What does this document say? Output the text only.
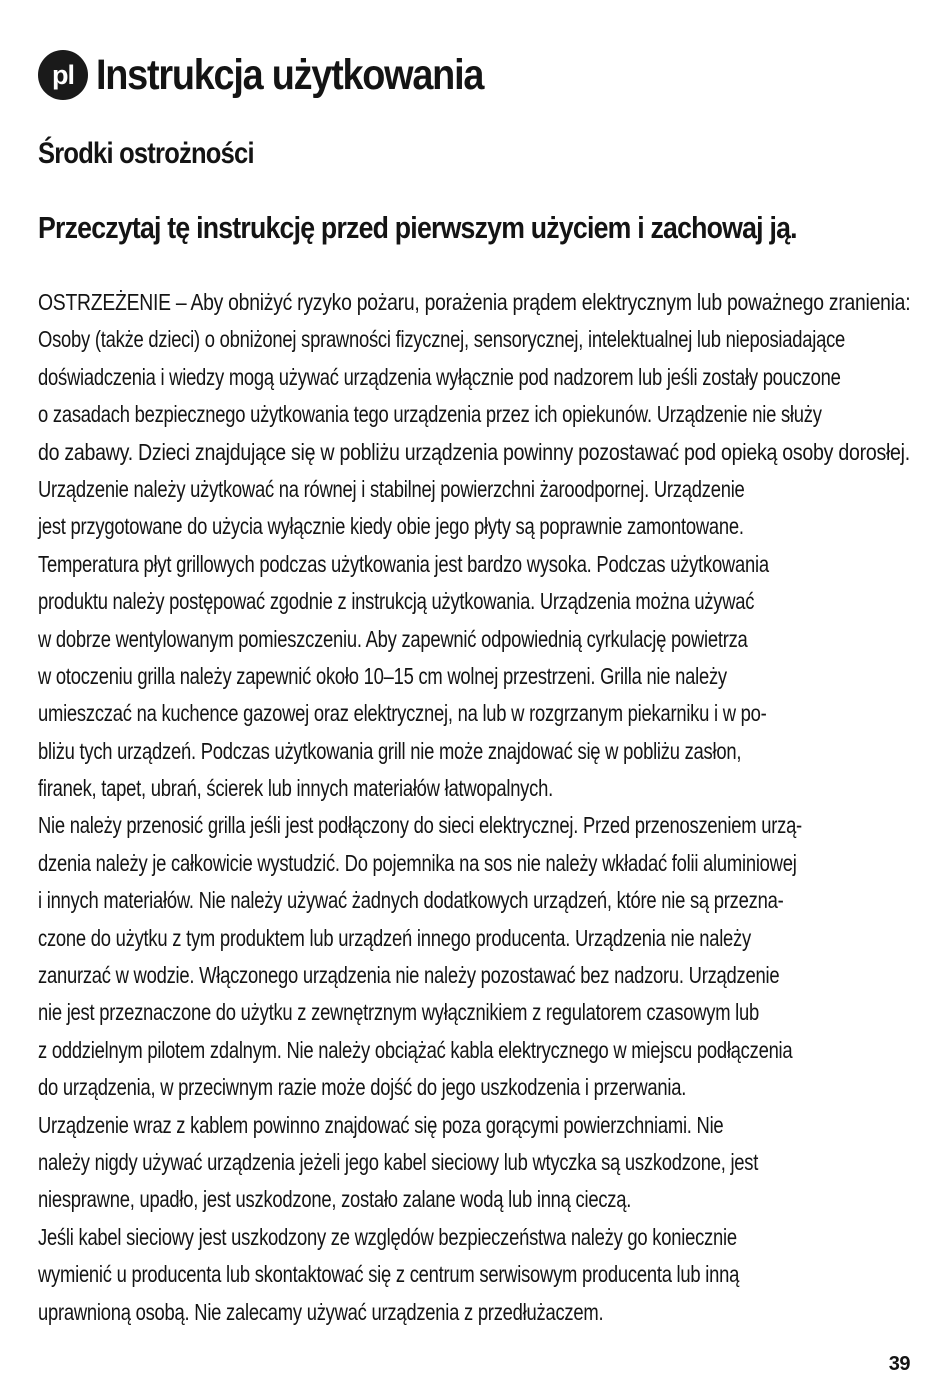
pl Instrukcja użytkowania
Środki ostrożności
Przeczytaj tę instrukcję przed pierwszym użyciem i zachowaj ją.
OSTRZEŻENIE – Aby obniżyć ryzyko pożaru, porażenia prądem elektrycznym lub poważnego zranienia:
Osoby (także dzieci) o obniżonej sprawności fizycznej, sensorycznej, intelektualnej lub nieposiadające
doświadczenia i wiedzy mogą używać urządzenia wyłącznie pod nadzorem lub jeśli zostały pouczone
o zasadach bezpiecznego użytkowania tego urządzenia przez ich opiekunów. Urządzenie nie służy
do zabawy. Dzieci znajdujące się w pobliżu urządzenia powinny pozostawać pod opieką osoby dorosłej.
Urządzenie należy użytkować na równej i stabilnej powierzchni żaroodpornej. Urządzenie
jest przygotowane do użycia wyłącznie kiedy obie jego płyty są poprawnie zamontowane.
Temperatura płyt grillowych podczas użytkowania jest bardzo wysoka. Podczas użytkowania
produktu należy postępować zgodnie z instrukcją użytkowania. Urządzenia można używać
w dobrze wentylowanym pomieszczeniu. Aby zapewnić odpowiednią cyrkulację powietrza
w otoczeniu grilla należy zapewnić około 10–15 cm wolnej przestrzeni. Grilla nie należy
umieszczać na kuchence gazowej oraz elektrycznej, na lub w rozgrzanym piekarniku i w po-
bliżu tych urządzeń. Podczas użytkowania grill nie może znajdować się w pobliżu zasłon,
firanek, tapet, ubrań, ścierek lub innych materiałów łatwopalnych.
Nie należy przenosić grilla jeśli jest podłączony do sieci elektrycznej. Przed przenoszeniem urzą-
dzenia należy je całkowicie wystudzić. Do pojemnika na sos nie należy wkładać folii aluminiowej
i innych materiałów. Nie należy używać żadnych dodatkowych urządzeń, które nie są przezna-
czone do użytku z tym produktem lub urządzeń innego producenta. Urządzenia nie należy
zanurzać w wodzie. Włączonego urządzenia nie należy pozostawać bez nadzoru. Urządzenie
nie jest przeznaczone do użytku z zewnętrznym wyłącznikiem z regulatorem czasowym lub
z oddzielnym pilotem zdalnym. Nie należy obciążać kabla elektrycznego w miejscu podłączenia
do urządzenia, w przeciwnym razie może dojść do jego uszkodzenia i przerwania.
Urządzenie wraz z kablem powinno znajdować się poza gorącymi powierzchniami. Nie
należy nigdy używać urządzenia jeżeli jego kabel sieciowy lub wtyczka są uszkodzone, jest
niesprawne, upadło, jest uszkodzone, zostało zalane wodą lub inną cieczą.
Jeśli kabel sieciowy jest uszkodzony ze względów bezpieczeństwa należy go koniecznie
wymienić u producenta lub skontaktować się z centrum serwisowym producenta lub inną
uprawnioną osobą. Nie zalecamy używać urządzenia z przedłużaczem.
39
